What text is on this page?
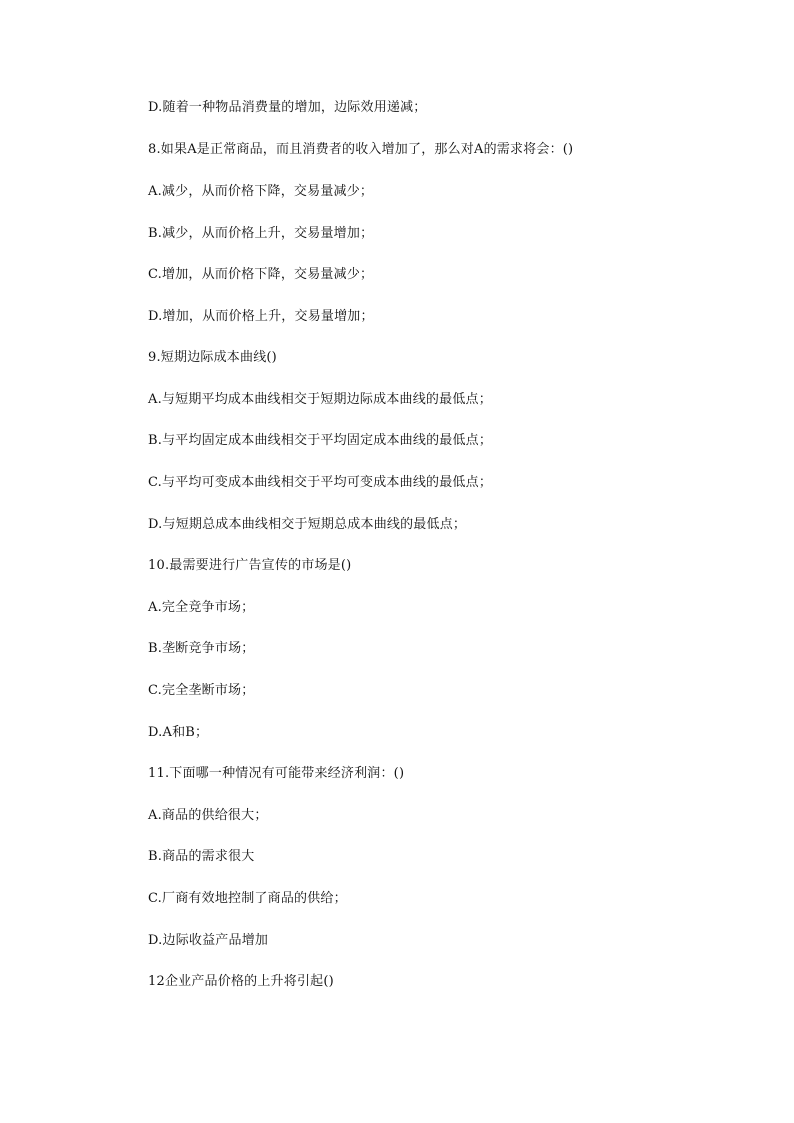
D.随着一种物品消费量的增加，边际效用递减；
8.如果A是正常商品，而且消费者的收入增加了，那么对A的需求将会：()
A.减少，从而价格下降，交易量减少；
B.减少，从而价格上升，交易量增加；
C.增加，从而价格下降，交易量减少；
D.增加，从而价格上升，交易量增加；
9.短期边际成本曲线()
A.与短期平均成本曲线相交于短期边际成本曲线的最低点；
B.与平均固定成本曲线相交于平均固定成本曲线的最低点；
C.与平均可变成本曲线相交于平均可变成本曲线的最低点；
D.与短期总成本曲线相交于短期总成本曲线的最低点；
10.最需要进行广告宣传的市场是()
A.完全竞争市场；
B.垄断竞争市场；
C.完全垄断市场；
D.A和B；
11.下面哪一种情况有可能带来经济利润：()
A.商品的供给很大；
B.商品的需求很大
C.厂商有效地控制了商品的供给；
D.边际收益产品增加
12企业产品价格的上升将引起()
